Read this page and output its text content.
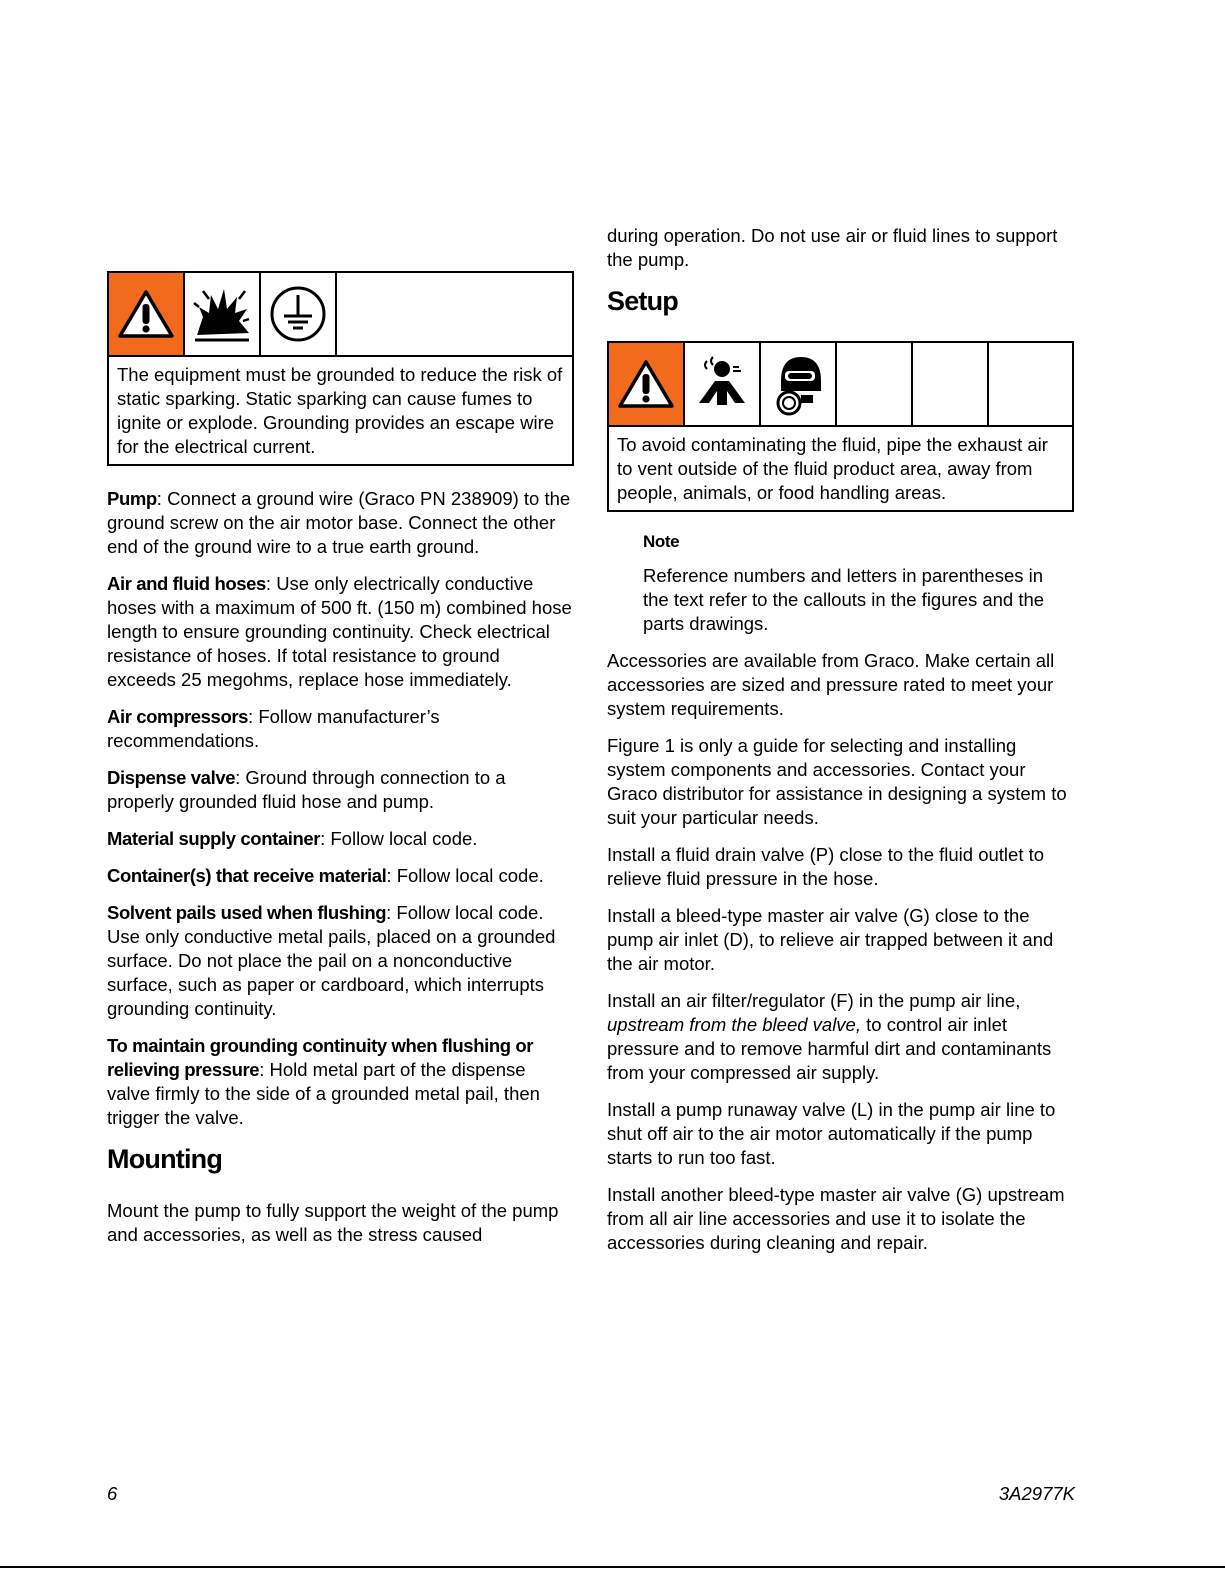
The equipment must be grounded to reduce the risk of static sparking. Static sparking can cause fumes to ignite or explode. Grounding provides an escape wire for the electrical current.

Pump: Connect a ground wire (Graco PN 238909) to the ground screw on the air motor base. Connect the other end of the ground wire to a true earth ground.

Air and fluid hoses: Use only electrically conductive hoses with a maximum of 500 ft. (150 m) combined hose length to ensure grounding continuity. Check electrical resistance of hoses. If total resistance to ground exceeds 25 megohms, replace hose immediately.

Air compressors: Follow manufacturer’s recommendations.

Dispense valve: Ground through connection to a properly grounded fluid hose and pump.

Material supply container: Follow local code.

Container(s) that receive material: Follow local code.

Solvent pails used when flushing: Follow local code. Use only conductive metal pails, placed on a grounded surface. Do not place the pail on a nonconductive surface, such as paper or cardboard, which interrupts grounding continuity.

To maintain grounding continuity when flushing or relieving pressure: Hold metal part of the dispense valve firmly to the side of a grounded metal pail, then trigger the valve.

Mounting

Mount the pump to fully support the weight of the pump and accessories, as well as the stress caused

during operation. Do not use air or fluid lines to support the pump.

Setup
To avoid contaminating the fluid, pipe the exhaust air to vent outside of the fluid product area, away from people, animals, or food handling areas.
Note
Reference numbers and letters in parentheses in the text refer to the callouts in the figures and the parts drawings.

Accessories are available from Graco. Make certain all accessories are sized and pressure rated to meet your system requirements.

Figure 1 is only a guide for selecting and installing system components and accessories. Contact your Graco distributor for assistance in designing a system to suit your particular needs.

Install a fluid drain valve (P) close to the fluid outlet to relieve fluid pressure in the hose.

Install a bleed-type master air valve (G) close to the pump air inlet (D), to relieve air trapped between it and the air motor.

Install an air filter/regulator (F) in the pump air line, upstream from the bleed valve, to control air inlet pressure and to remove harmful dirt and contaminants from your compressed air supply.

Install a pump runaway valve (L) in the pump air line to shut off air to the air motor automatically if the pump starts to run too fast.

Install another bleed-type master air valve (G) upstream from all air line accessories and use it to isolate the accessories during cleaning and repair.

6	3A2977K
